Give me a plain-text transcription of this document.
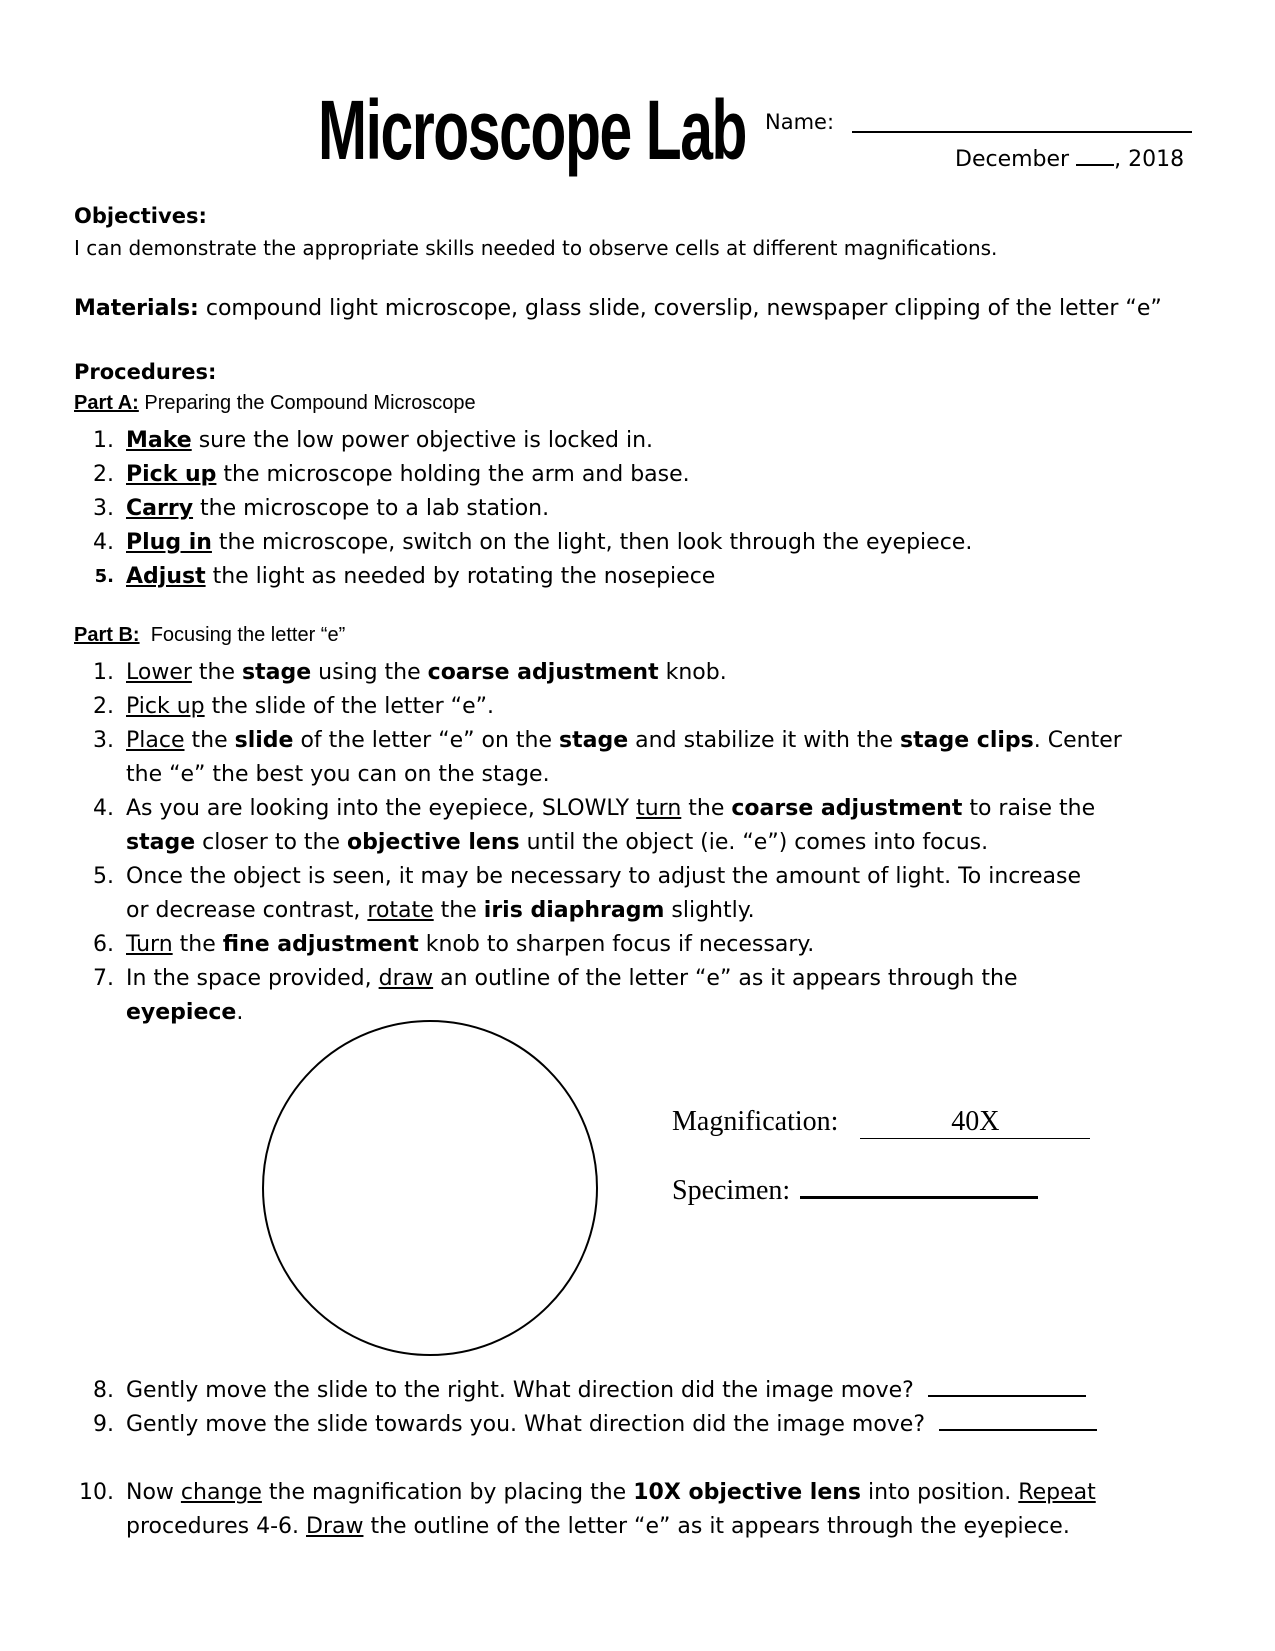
Microscope Lab Name:
December , 2018
Objectives:
I can demonstrate the appropriate skills needed to observe cells at different magnifications.
Materials: compound light microscope, glass slide, coverslip, newspaper clipping of the letter “e”
Procedures:
Part A: Preparing the Compound Microscope
1. Make sure the low power objective is locked in.
2. Pick up the microscope holding the arm and base.
3. Carry the microscope to a lab station.
4. Plug in the microscope, switch on the light, then look through the eyepiece.
5. Adjust the light as needed by rotating the nosepiece
Part B: Focusing the letter “e”
1. Lower the stage using the coarse adjustment knob.
2. Pick up the slide of the letter “e”.
3. Place the slide of the letter “e” on the stage and stabilize it with the stage clips. Center
the “e” the best you can on the stage.
4. As you are looking into the eyepiece, SLOWLY turn the coarse adjustment to raise the
stage closer to the objective lens until the object (ie. “e”) comes into focus.
5. Once the object is seen, it may be necessary to adjust the amount of light. To increase
or decrease contrast, rotate the iris diaphragm slightly.
6. Turn the fine adjustment knob to sharpen focus if necessary.
7. In the space provided, draw an outline of the letter “e” as it appears through the
eyepiece.
Magnification:	40X
Specimen:
8. Gently move the slide to the right. What direction did the image move?
9. Gently move the slide towards you. What direction did the image move?
10. Now change the magnification by placing the 10X objective lens into position. Repeat
procedures 4-6. Draw the outline of the letter “e” as it appears through the eyepiece.
